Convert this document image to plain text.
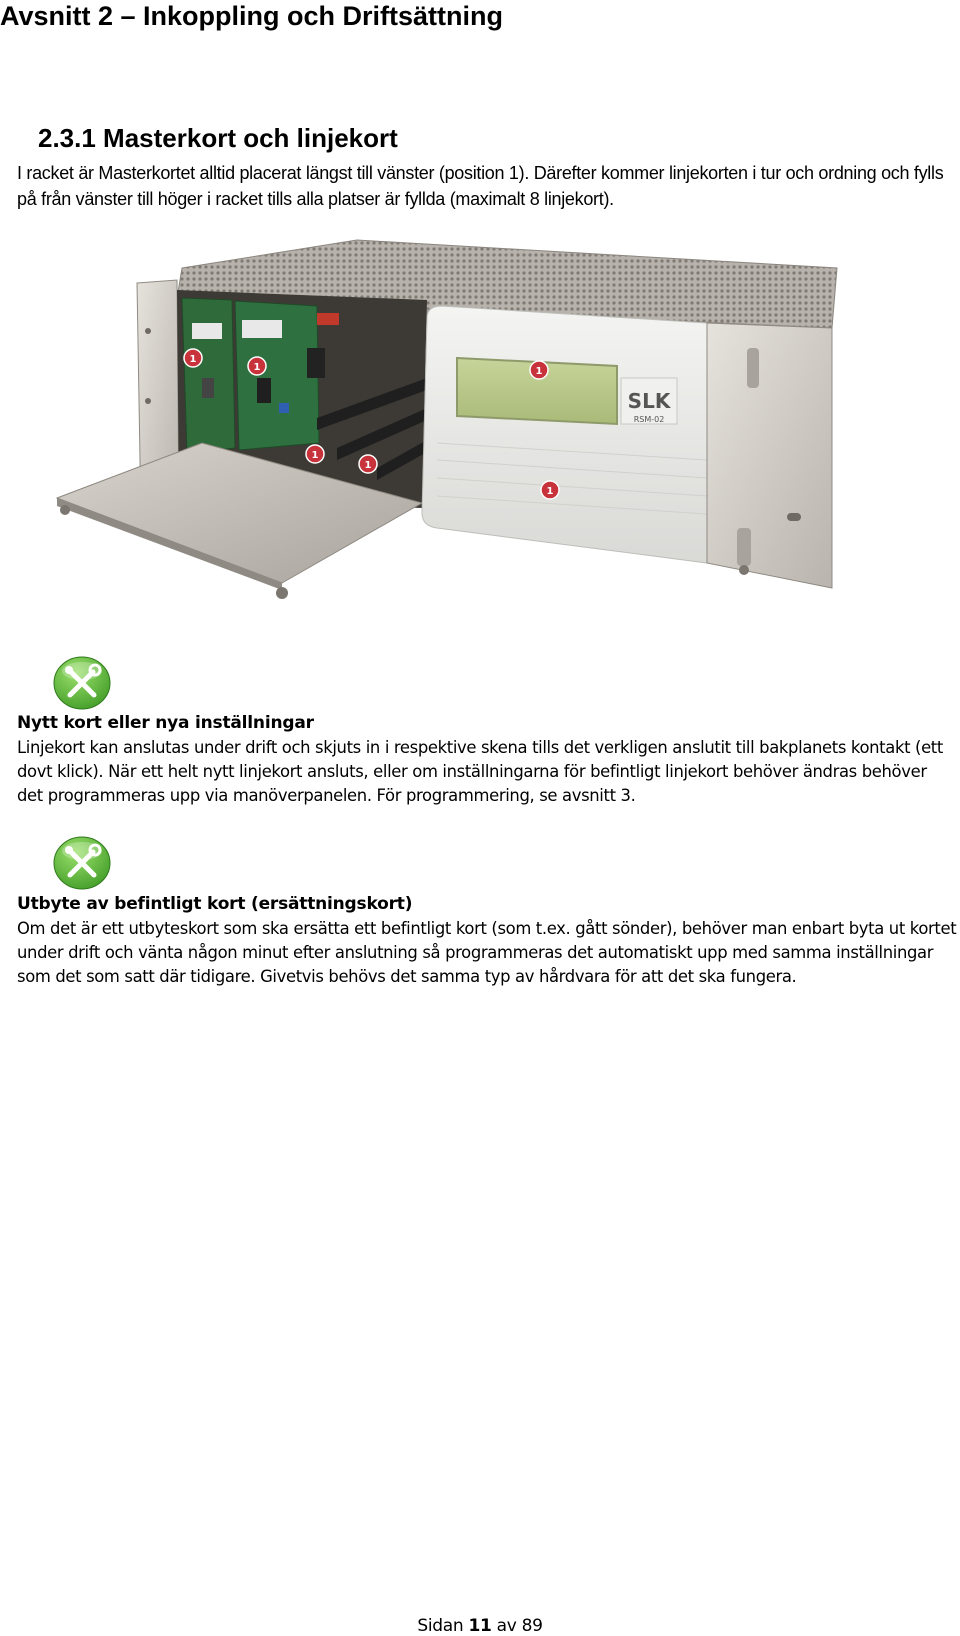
Avsnitt 2 – Inkoppling och Driftsättning
2.3.1 Masterkort och linjekort

I racket är Masterkortet alltid placerat längst till vänster (position 1). Därefter kommer linjekorten i tur och ordning och fylls på från vänster till höger i racket tills alla platser är fyllda (maximalt 8 linjekort).

SLK
RSM-02
1
1	1
1
1
1
Nytt kort eller nya inställningar

Linjekort kan anslutas under drift och skjuts in i respektive skena tills det verkligen anslutit till bakplanets kontakt (ett dovt klick). När ett helt nytt linjekort ansluts, eller om inställningarna för befintligt linjekort behöver ändras behöver det programmeras upp via manöverpanelen. För programmering, se avsnitt 3.

Utbyte av befintligt kort (ersättningskort)

Om det är ett utbyteskort som ska ersätta ett befintligt kort (som t.ex. gått sönder), behöver man enbart byta ut kortet under drift och vänta någon minut efter anslutning så programmeras det automatiskt upp med samma inställningar som det som satt där tidigare. Givetvis behövs det samma typ av hårdvara för att det ska fungera.

Sidan 11 av 89
